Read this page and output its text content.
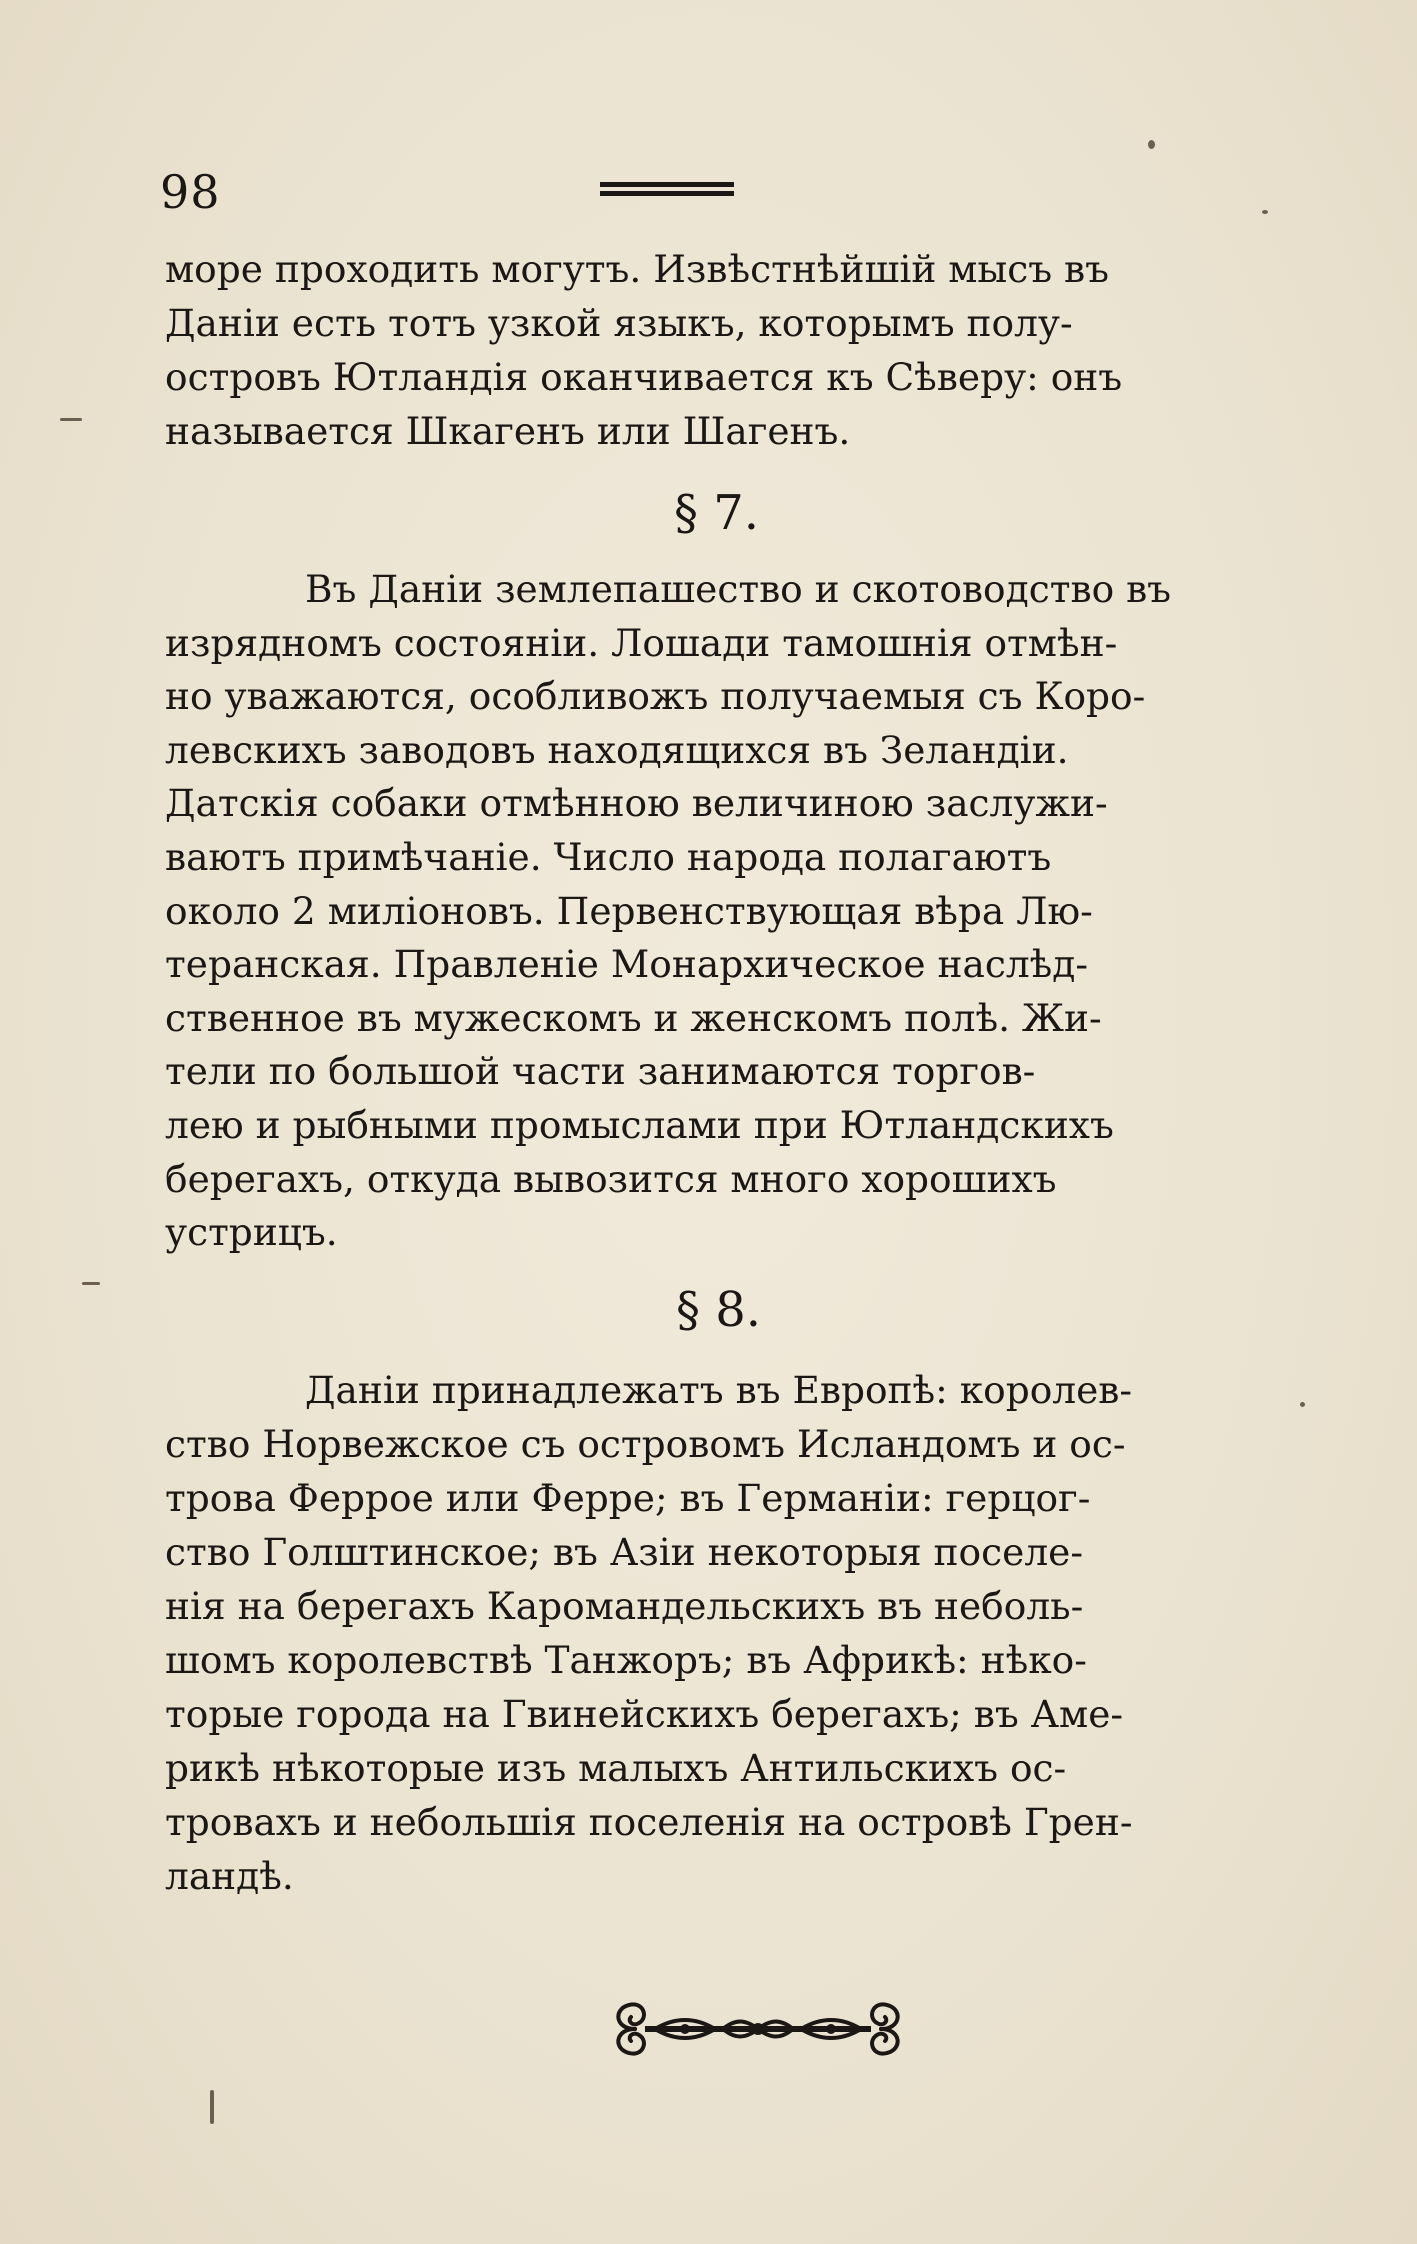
98

море проходить могутъ. Извѣстнѣйшiй мысъ въ

Данiи есть тотъ узкой языкъ, которымъ полу-

островъ Ютландiя оканчивается къ Сѣверу: онъ

называется Шкагенъ или Шагенъ.

§ 7.

Въ Данiи землепашество и скотоводство въ

изрядномъ состоянiи. Лошади тамошнiя отмѣн-

но уважаются, особливожъ получаемыя съ Коро-

левскихъ заводовъ находящихся въ Зеландiи.

Датскiя собаки отмѣнною величиною заслужи-

ваютъ примѣчанiе. Число народа полагаютъ

около 2 милiоновъ. Первенствующая вѣра Лю-

теранская. Правленiе Монархическое наслѣд-

ственное въ мужескомъ и женскомъ полѣ. Жи-

тели по большой части занимаются торгов-

лею и рыбными промыслами при Ютландскихъ

берегахъ, откуда вывозится много хорошихъ

устрицъ.

§ 8.

Данiи принадлежатъ въ Европѣ: королев-

ство Норвежское съ островомъ Исландомъ и ос-

трова Ферроe или Ферре; въ Германiи: герцог-

ство Голштинское; въ Азiи некоторыя поселе-

нiя на берегахъ Каромандельскихъ въ неболь-

шомъ королевствѣ Танжоръ; въ Африкѣ: нѣко-

торые города на Гвинейскихъ берегахъ; въ Аме-

рикѣ нѣкоторые изъ малыхъ Антильскихъ ос-

тровахъ и небольшiя поселенiя на островѣ Грен-

ландѣ.
